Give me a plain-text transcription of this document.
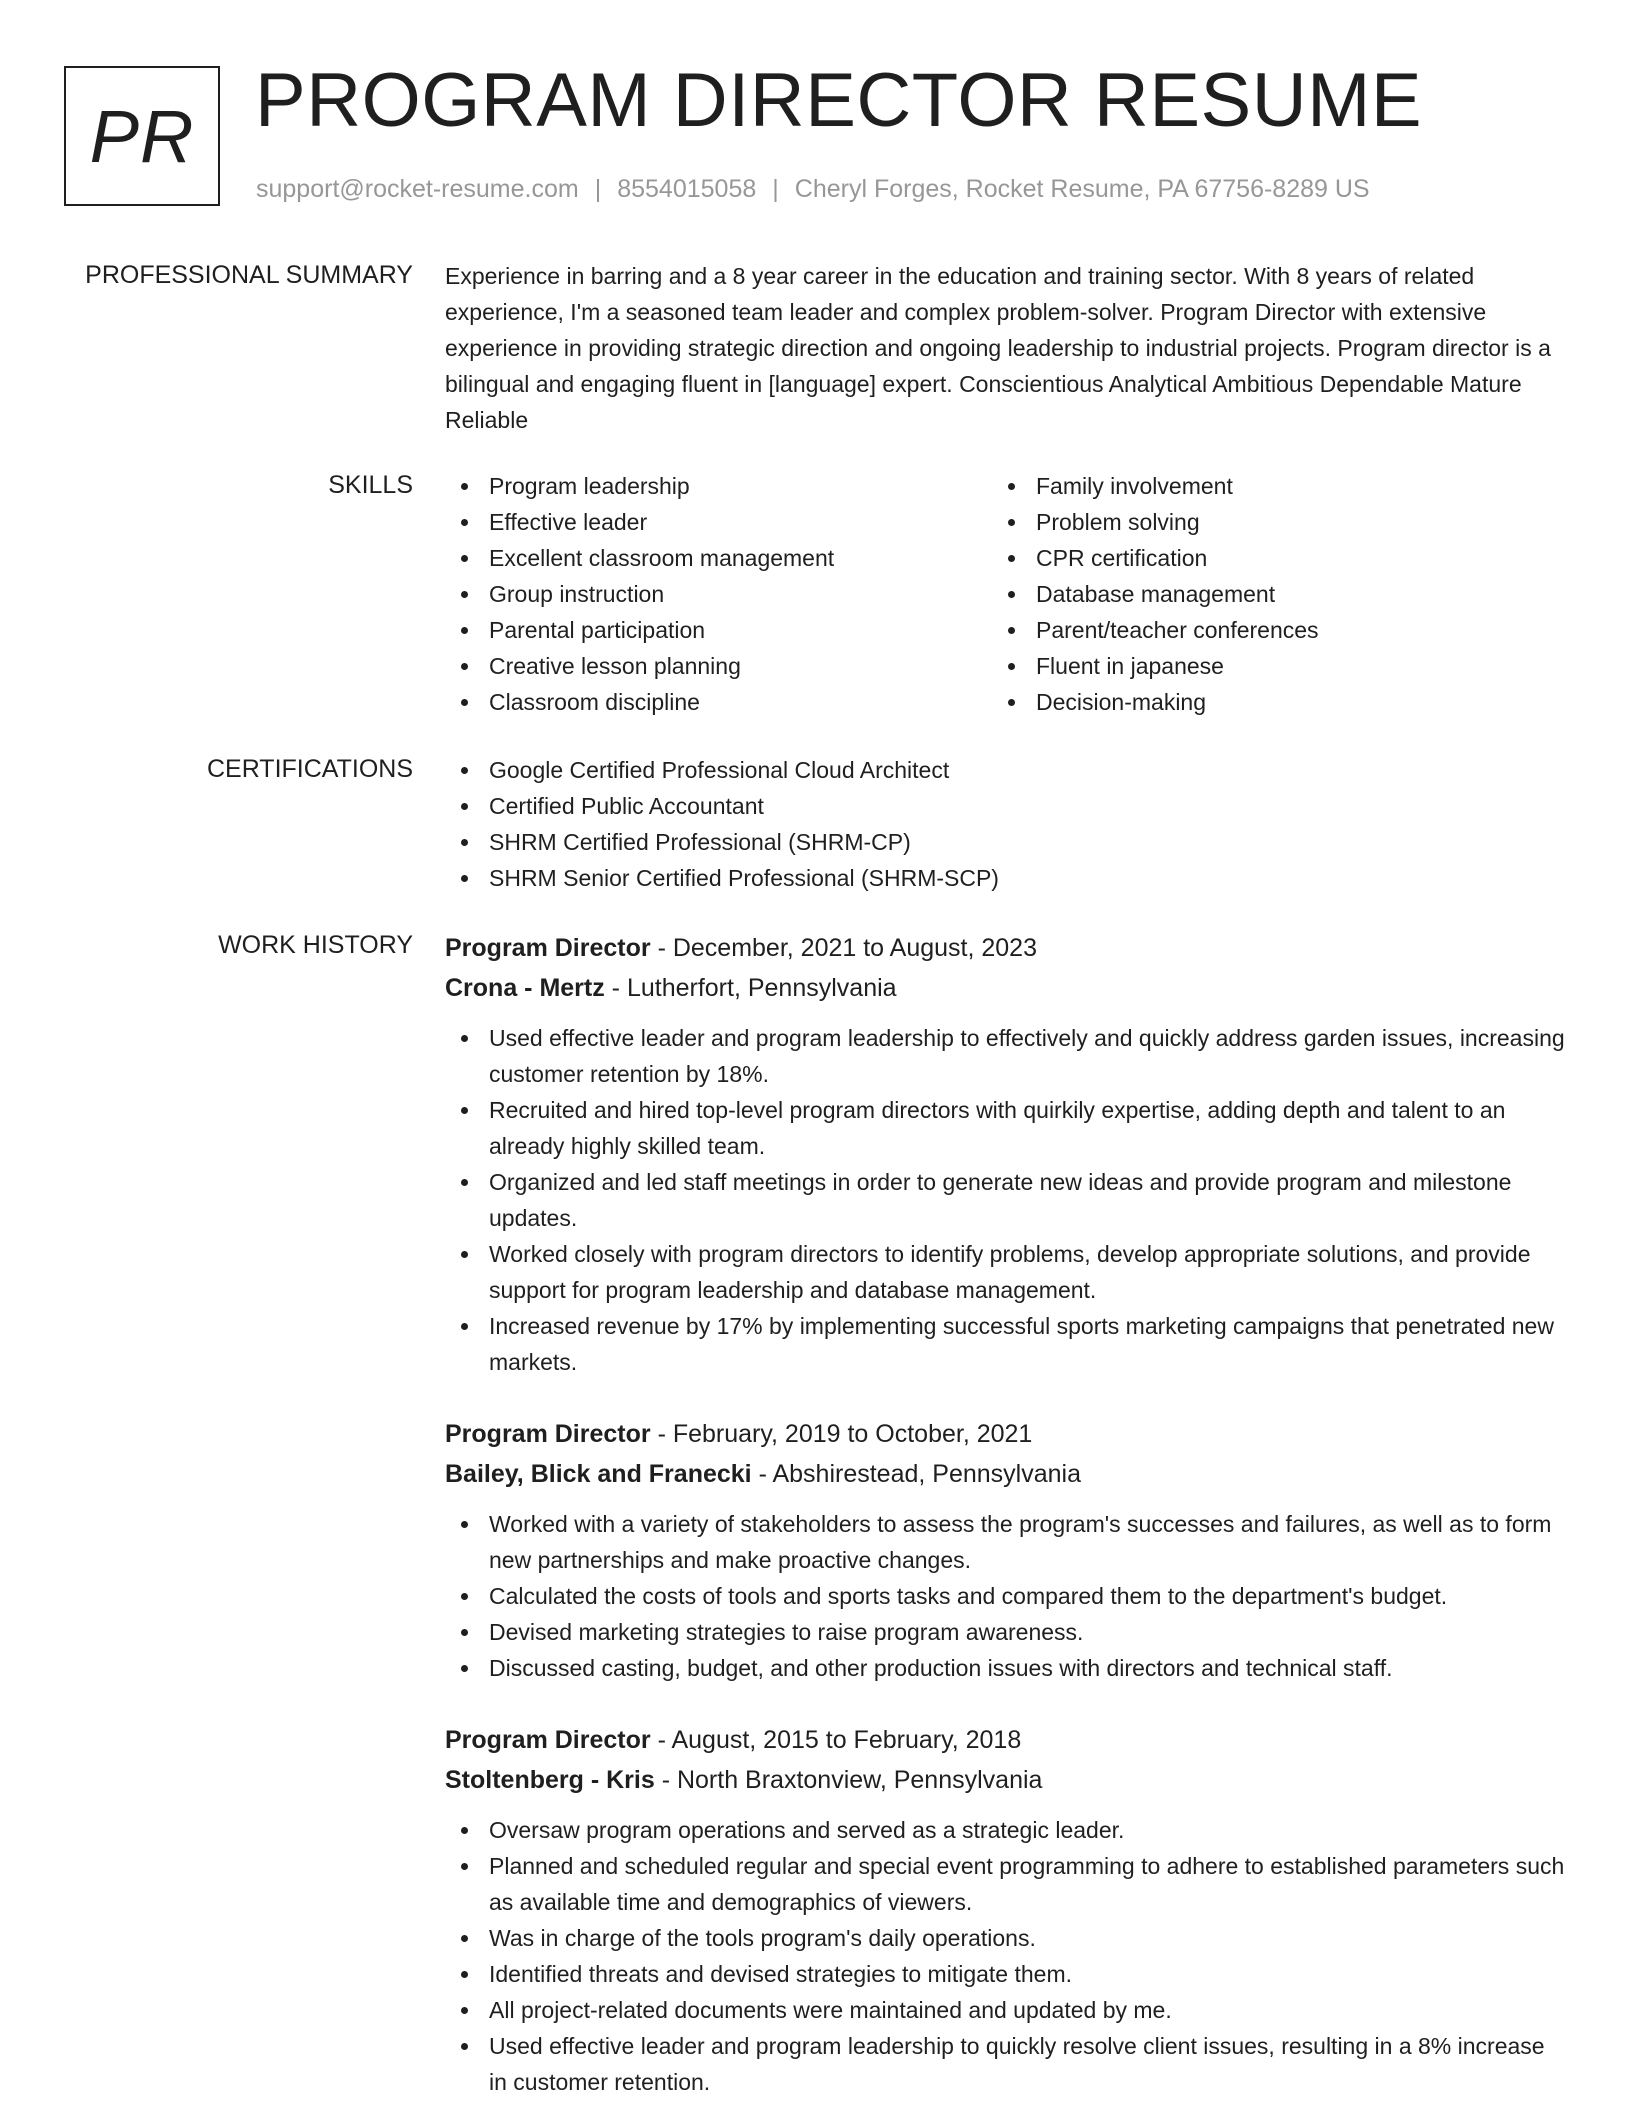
PR PROGRAM DIRECTOR RESUME
support@rocket-resume.com | 8554015058 | Cheryl Forges, Rocket Resume, PA 67756-8289 US
PROFESSIONAL SUMMARY Experience in barring and a 8 year career in the education and training sector. With 8 years of related experience, I'm a seasoned team leader and complex problem-solver. Program Director with extensive experience in providing strategic direction and ongoing leadership to industrial projects. Program director is a bilingual and engaging fluent in [language] expert. Conscientious Analytical Ambitious Dependable Mature Reliable
SKILLS	Program leadership
Effective leader
Excellent classroom management
Group instruction
Parental participation
Creative lesson planning
Classroom discipline
Family involvement
Problem solving
CPR certification
Database management
Parent/teacher conferences
Fluent in japanese
Decision-making
CERTIFICATIONS	Google Certified Professional Cloud Architect
Certified Public Accountant
SHRM Certified Professional (SHRM-CP)
SHRM Senior Certified Professional (SHRM-SCP)
WORK HISTORY Program Director - December, 2021 to August, 2023
Crona - Mertz - Lutherfort, Pennsylvania
Used effective leader and program leadership to effectively and quickly address garden issues, increasing customer retention by 18%.
Recruited and hired top-level program directors with quirkily expertise, adding depth and talent to an already highly skilled team.
Organized and led staff meetings in order to generate new ideas and provide program and milestone updates.
Worked closely with program directors to identify problems, develop appropriate solutions, and provide support for program leadership and database management.
Increased revenue by 17% by implementing successful sports marketing campaigns that penetrated new markets.
Program Director - February, 2019 to October, 2021
Bailey, Blick and Franecki - Abshirestead, Pennsylvania
Worked with a variety of stakeholders to assess the program's successes and failures, as well as to form new partnerships and make proactive changes.
Calculated the costs of tools and sports tasks and compared them to the department's budget.
Devised marketing strategies to raise program awareness.
Discussed casting, budget, and other production issues with directors and technical staff.
Program Director - August, 2015 to February, 2018
Stoltenberg - Kris - North Braxtonview, Pennsylvania
Oversaw program operations and served as a strategic leader.
Planned and scheduled regular and special event programming to adhere to established parameters such as available time and demographics of viewers.
Was in charge of the tools program's daily operations.
Identified threats and devised strategies to mitigate them.
All project-related documents were maintained and updated by me.
Used effective leader and program leadership to quickly resolve client issues, resulting in a 8% increase in customer retention.
